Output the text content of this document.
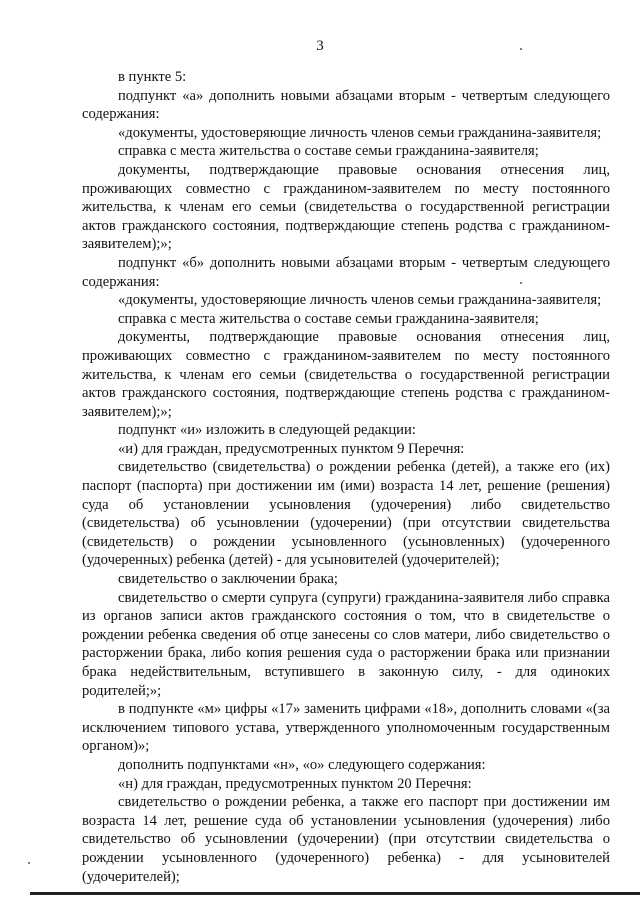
3

в пункте 5:

подпункт «а» дополнить новыми абзацами вторым - четвертым следующего содержания:

«документы, удостоверяющие личность членов семьи гражданина-заявителя;

справка с места жительства о составе семьи гражданина-заявителя;

документы, подтверждающие правовые основания отнесения лиц, проживающих совместно с гражданином-заявителем по месту постоянного жительства, к членам его семьи (свидетельства о государственной регистрации актов гражданского состояния, подтверждающие степень родства с гражданином-заявителем);»;

подпункт «б» дополнить новыми абзацами вторым - четвертым следующего содержания:

«документы, удостоверяющие личность членов семьи гражданина-заявителя;

справка с места жительства о составе семьи гражданина-заявителя;

документы, подтверждающие правовые основания отнесения лиц, проживающих совместно с гражданином-заявителем по месту постоянного жительства, к членам его семьи (свидетельства о государственной регистрации актов гражданского состояния, подтверждающие степень родства с гражданином-заявителем);»;

подпункт «и» изложить в следующей редакции:

«и) для граждан, предусмотренных пунктом 9 Перечня:

свидетельство (свидетельства) о рождении ребенка (детей), а также его (их) паспорт (паспорта) при достижении им (ими) возраста 14 лет, решение (решения) суда об установлении усыновления (удочерения) либо свидетельство (свидетельства) об усыновлении (удочерении) (при отсутствии свидетельства (свидетельств) о рождении усыновленного (усыновленных) (удочеренного (удочеренных) ребенка (детей) - для усыновителей (удочерителей);

свидетельство о заключении брака;

свидетельство о смерти супруга (супруги) гражданина-заявителя либо справка из органов записи актов гражданского состояния о том, что в свидетельстве о рождении ребенка сведения об отце занесены со слов матери, либо свидетельство о расторжении брака, либо копия решения суда о расторжении брака или признании брака недействительным, вступившего в законную силу, - для одиноких родителей;»;

в подпункте «м» цифры «17» заменить цифрами «18», дополнить словами «(за исключением типового устава, утвержденного уполномоченным государственным органом)»;

дополнить подпунктами «н», «о» следующего содержания:

«н) для граждан, предусмотренных пунктом 20 Перечня:

свидетельство о рождении ребенка, а также его паспорт при достижении им возраста 14 лет, решение суда об установлении усыновления (удочерения) либо свидетельство об усыновлении (удочерении) (при отсутствии свидетельства о рождении усыновленного (удочеренного) ребенка) - для усыновителей (удочерителей);
